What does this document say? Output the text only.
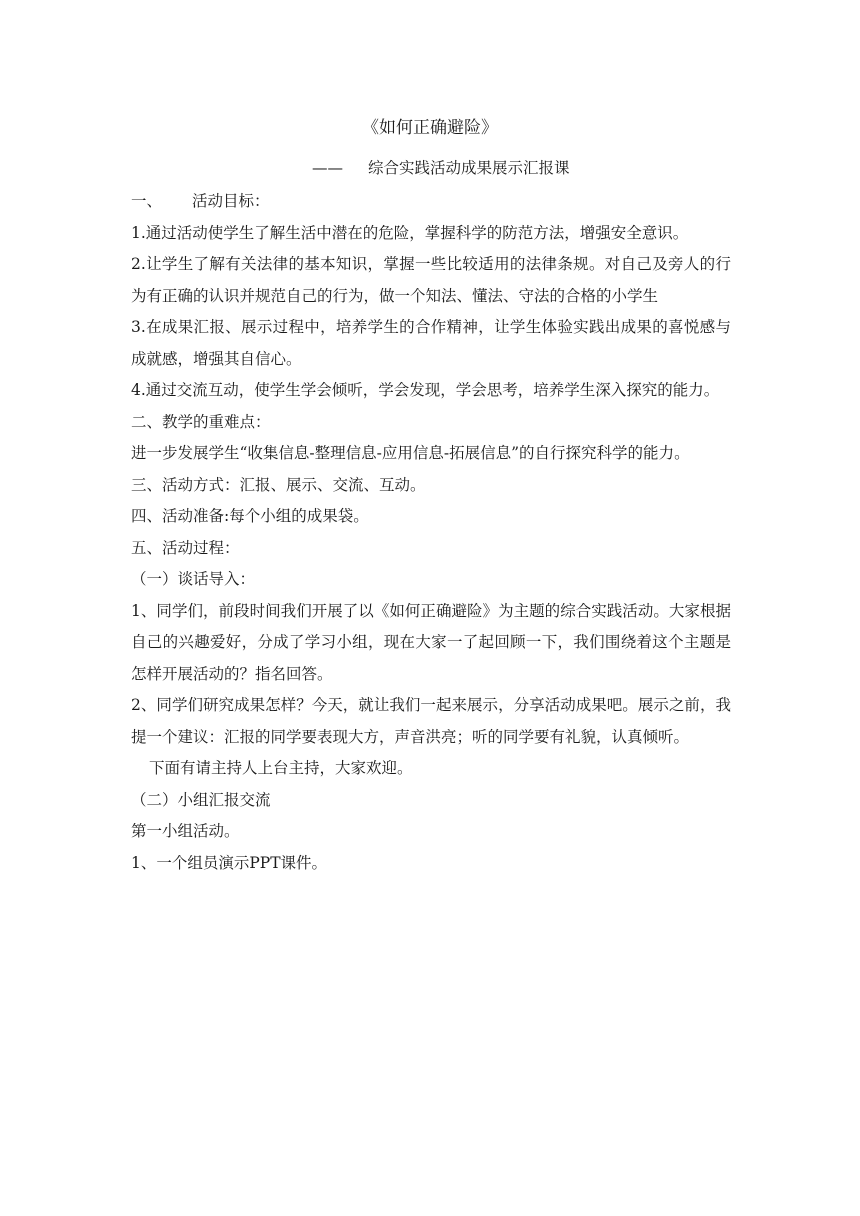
《如何正确避险》
—— 综合实践活动成果展示汇报课

一、 活动目标：

1.通过活动使学生了解生活中潜在的危险，掌握科学的防范方法，增强安全意识。

2.让学生了解有关法律的基本知识，掌握一些比较适用的法律条规。对自己及旁人的行为有正确的认识并规范自己的行为，做一个知法、懂法、守法的合格的小学生

3.在成果汇报、展示过程中，培养学生的合作精神，让学生体验实践出成果的喜悦感与成就感，增强其自信心。

4.通过交流互动，使学生学会倾听，学会发现，学会思考，培养学生深入探究的能力。

二、教学的重难点：

进一步发展学生“收集信息-整理信息-应用信息-拓展信息”的自行探究科学的能力。

三、活动方式：汇报、展示、交流、互动。

四、活动准备:每个小组的成果袋。

五、活动过程：

（一）谈话导入：

1、同学们，前段时间我们开展了以《如何正确避险》为主题的综合实践活动。大家根据自己的兴趣爱好，分成了学习小组，现在大家一了起回顾一下，我们围绕着这个主题是怎样开展活动的？指名回答。

2、同学们研究成果怎样？今天，就让我们一起来展示，分享活动成果吧。展示之前，我提一个建议：汇报的同学要表现大方，声音洪亮；听的同学要有礼貌，认真倾听。

下面有请主持人上台主持，大家欢迎。

（二）小组汇报交流

第一小组活动。

1、一个组员演示PPT课件。
